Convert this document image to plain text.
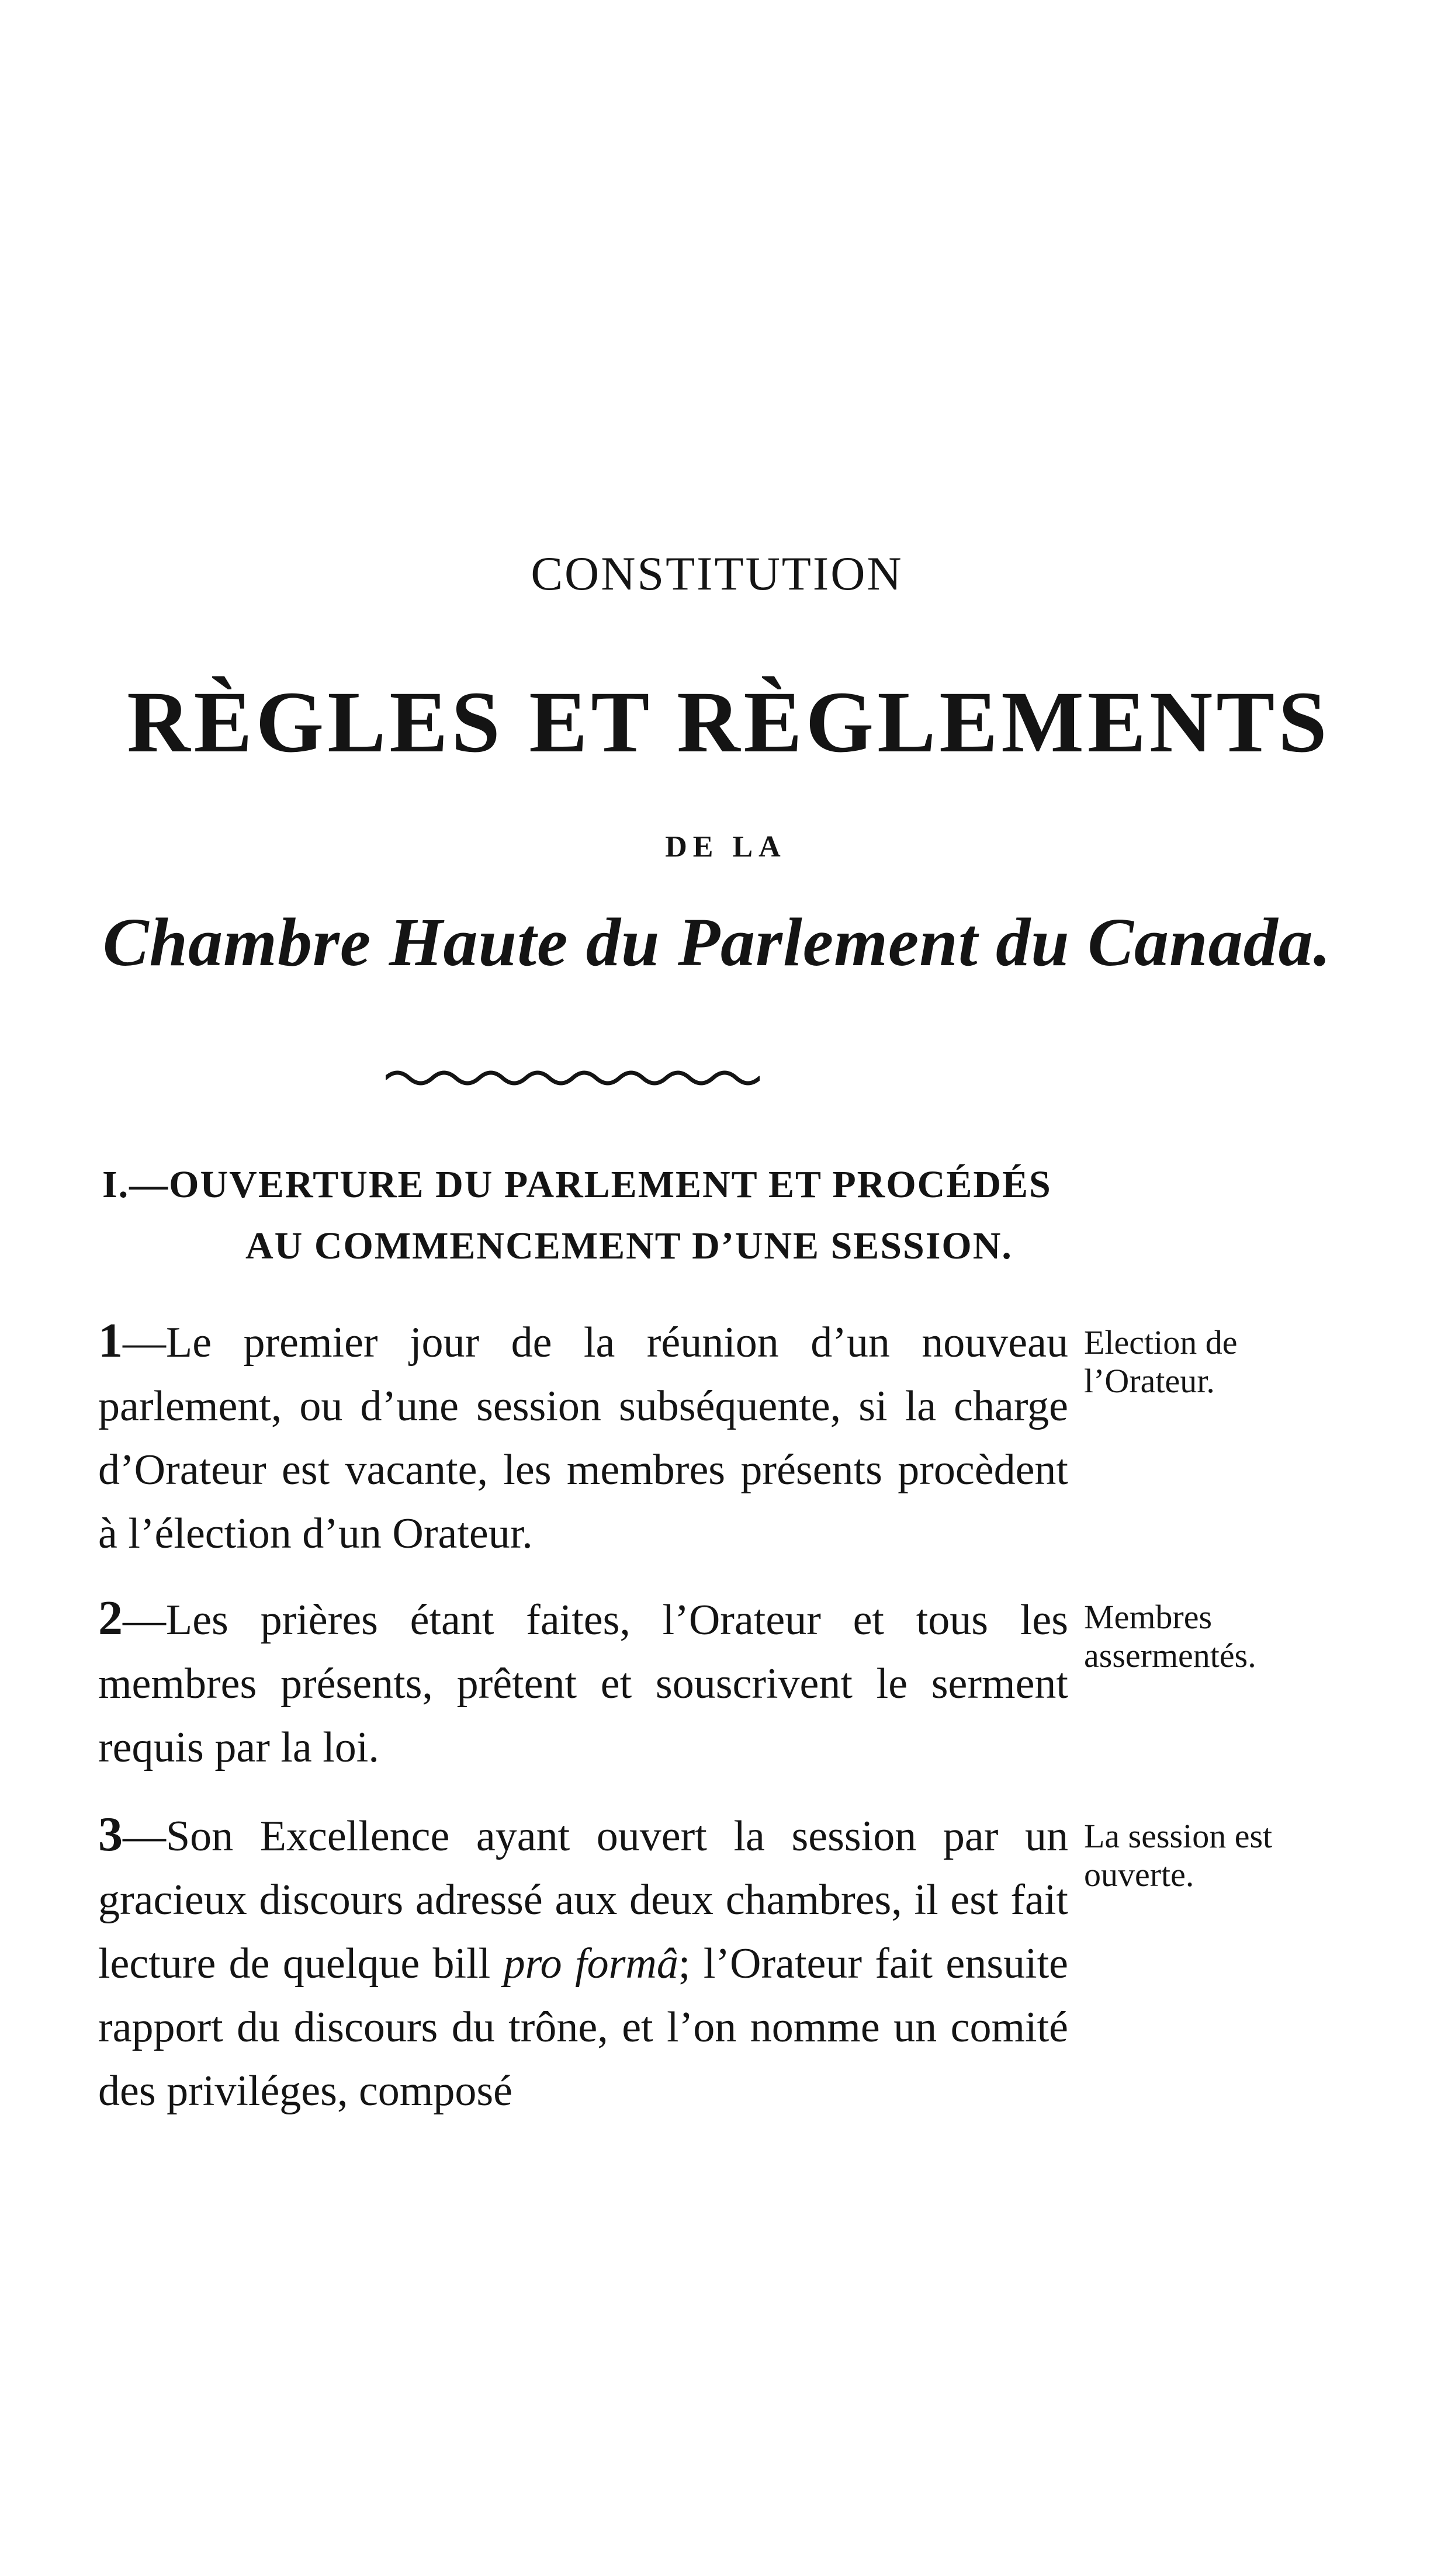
CONSTITUTION
RÈGLES ET RÈGLEMENTS
DE LA
Chambre Haute du Parlement du Canada.
I.—OUVERTURE DU PARLEMENT ET PROCÉDÉS
AU COMMENCEMENT D’UNE SESSION.
1—Le premier jour de la réunion d’un nouveau parlement, ou d’une session subséquente, si la charge d’Orateur est vacante, les membres présents procèdent à l’élection d’un Orateur.
Election de l’Orateur.
2—Les prières étant faites, l’Orateur et tous les membres présents, prêtent et souscrivent le serment requis par la loi.
Membres assermentés.
3—Son Excellence ayant ouvert la session par un gracieux discours adressé aux deux chambres, il est fait lecture de quelque bill pro formâ; l’Orateur fait ensuite rapport du discours du trône, et l’on nomme un comité des priviléges, composé
La session est ouverte.
